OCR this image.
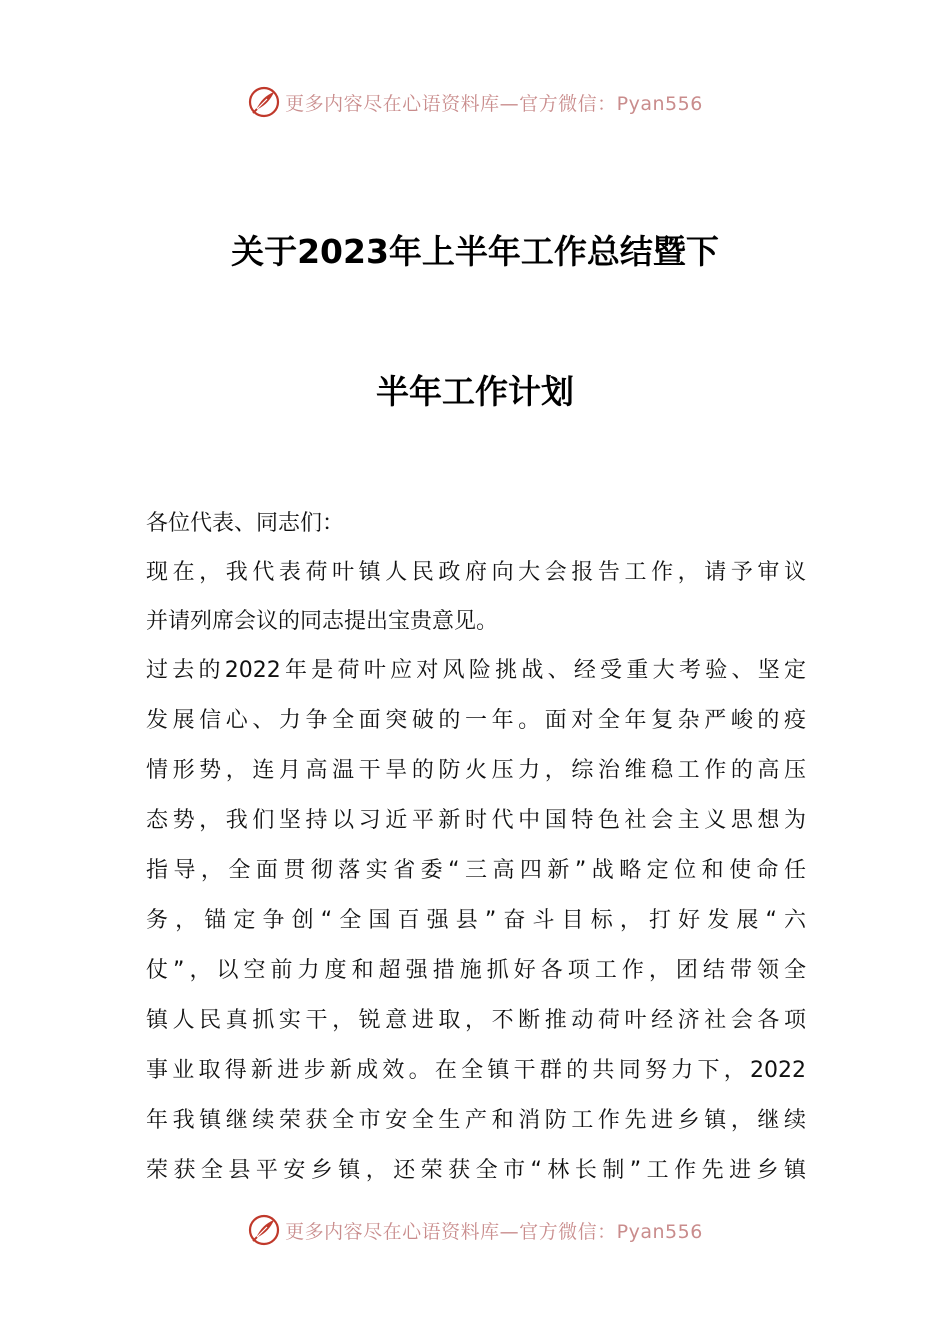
更多内容尽在心语资料库—官方微信：Pyan556
关于2023年上半年工作总结暨下
半年工作计划
各位代表、同志们：
现在，我代表荷叶镇人民政府向大会报告工作，请予审议
并请列席会议的同志提出宝贵意见。
过去的2022年是荷叶应对风险挑战、经受重大考验、坚定
发展信心、力争全面突破的一年。面对全年复杂严峻的疫
情形势，连月高温干旱的防火压力，综治维稳工作的高压
态势，我们坚持以习近平新时代中国特色社会主义思想为
指导，全面贯彻落实省委“三高四新”战略定位和使命任
务，锚定争创“全国百强县”奋斗目标，打好发展“六
仗”，以空前力度和超强措施抓好各项工作，团结带领全
镇人民真抓实干，锐意进取，不断推动荷叶经济社会各项
事业取得新进步新成效。在全镇干群的共同努力下，2022
年我镇继续荣获全市安全生产和消防工作先进乡镇，继续
荣获全县平安乡镇，还荣获全市“林长制”工作先进乡镇
更多内容尽在心语资料库—官方微信：Pyan556
